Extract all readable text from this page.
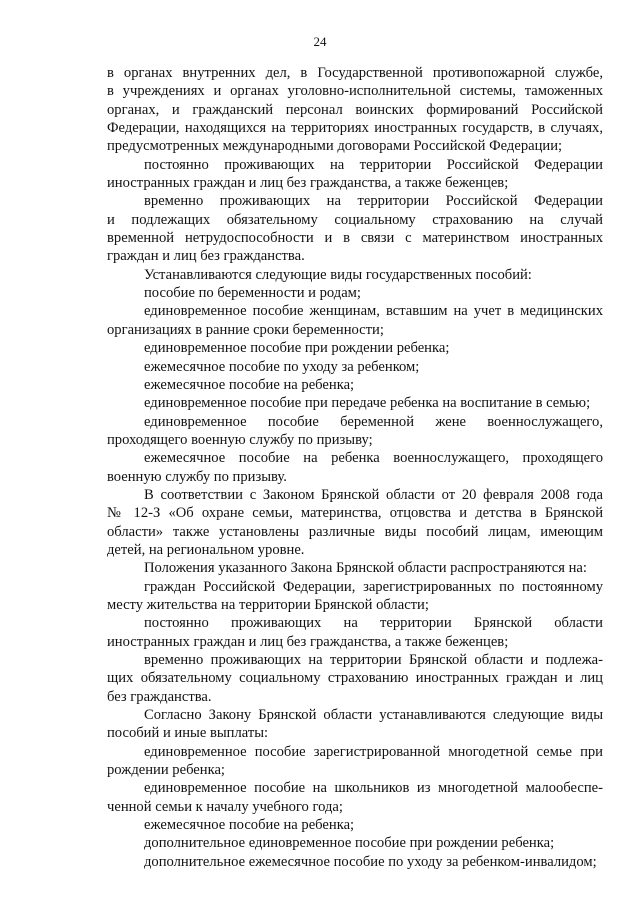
24
в органах внутренних дел, в Государственной противопожарной службе,
в учреждениях и органах уголовно-исполнительной системы, таможенных
органах, и гражданский персонал воинских формирований Российской
Федерации, находящихся на территориях иностранных государств, в случаях,
предусмотренных международными договорами Российской Федерации;
постоянно проживающих на территории Российской Федерации
иностранных граждан и лиц без гражданства, а также беженцев;
временно проживающих на территории Российской Федерации
и подлежащих обязательному социальному страхованию на случай
временной нетрудоспособности и в связи с материнством иностранных
граждан и лиц без гражданства.
Устанавливаются следующие виды государственных пособий:
пособие по беременности и родам;
единовременное пособие женщинам, вставшим на учет в медицинских
организациях в ранние сроки беременности;
единовременное пособие при рождении ребенка;
ежемесячное пособие по уходу за ребенком;
ежемесячное пособие на ребенка;
единовременное пособие при передаче ребенка на воспитание в семью;
единовременное пособие беременной жене военнослужащего,
проходящего военную службу по призыву;
ежемесячное пособие на ребенка военнослужащего, проходящего
военную службу по призыву.
В соответствии с Законом Брянской области от 20 февраля 2008 года
№ 12-З «Об охране семьи, материнства, отцовства и детства в Брянской
области» также установлены различные виды пособий лицам, имеющим
детей, на региональном уровне.
Положения указанного Закона Брянской области распространяются на:
граждан Российской Федерации, зарегистрированных по постоянному
месту жительства на территории Брянской области;
постоянно проживающих на территории Брянской области
иностранных граждан и лиц без гражданства, а также беженцев;
временно проживающих на территории Брянской области и подлежа-
щих обязательному социальному страхованию иностранных граждан и лиц
без гражданства.
Согласно Закону Брянской области устанавливаются следующие виды
пособий и иные выплаты:
единовременное пособие зарегистрированной многодетной семье при
рождении ребенка;
единовременное пособие на школьников из многодетной малообеспе-
ченной семьи к началу учебного года;
ежемесячное пособие на ребенка;
дополнительное единовременное пособие при рождении ребенка;
дополнительное ежемесячное пособие по уходу за ребенком-инвалидом;
